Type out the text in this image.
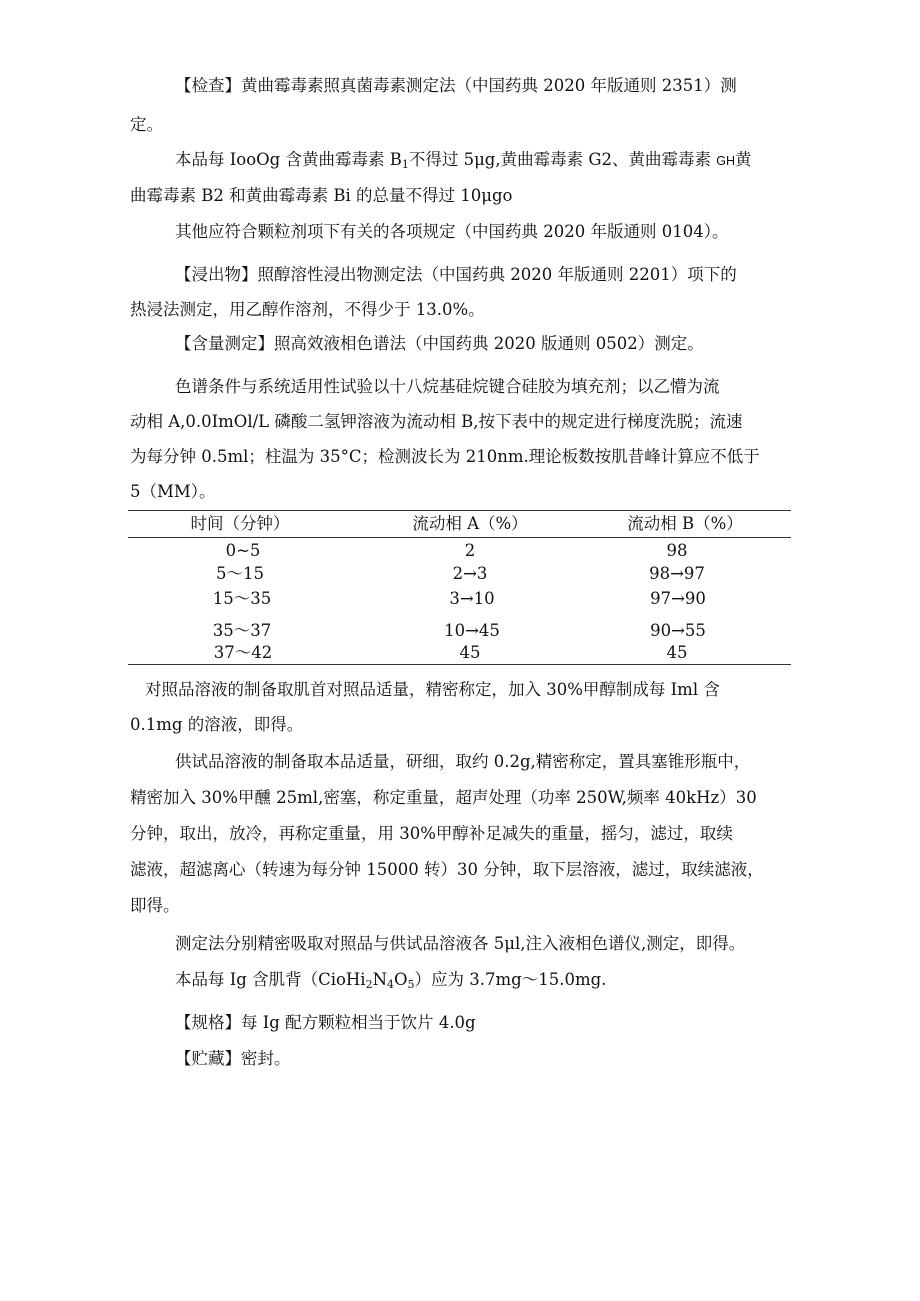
【检查】黄曲霉毒素照真菌毒素测定法（中国药典 2020 年版通则 2351）测
定。
本品每 IooOg 含黄曲霉毒素 $B_1$不得过 5μg,黄曲霉毒素 G2、黄曲霉毒素 GH黄
曲霉毒素 B2 和黄曲霉毒素 Bi 的总量不得过 10μgo
其他应符合颗粒剂项下有关的各项规定（中国药典 2020 年版通则 0104）。
【浸出物】照醇溶性浸出物测定法（中国药典 2020 年版通则 2201）项下的
热浸法测定，用乙醇作溶剂，不得少于 13.0%。
【含量测定】照高效液相色谱法（中国药典 2020 版通则 0502）测定。
色谱条件与系统适用性试验以十八烷基硅烷键合硅胶为填充剂；以乙懵为流
动相 A,0.0ImOl/L 磷酸二氢钾溶液为流动相 B,按下表中的规定进行梯度洗脱；流速
为每分钟 0.5ml；柱温为 35°C；检测波长为 210nm.理论板数按肌昔峰计算应不低于
5（MM）。
时间（分钟）	流动相 A（%）	流动相 B（%）
0~5	2	98
5～15	2→3	98→97
15～35	3→10	97→90
35～37	10→45	90→55
37～42	45	45
对照品溶液的制备取肌首对照品适量，精密称定，加入 30%甲醇制成每 Iml 含
0.1mg 的溶液，即得。
供试品溶液的制备取本品适量，研细，取约 0.2g,精密称定，置具塞锥形瓶中，
精密加入 30%甲醺 25ml,密塞，称定重量，超声处理（功率 250W,频率 40kHz）30
分钟，取出，放冷，再称定重量，用 30%甲醇补足减失的重量，摇匀，滤过，取续
滤液，超滤离心（转速为每分钟 15000 转）30 分钟，取下层溶液，滤过，取续滤液，
即得。
测定法分别精密吸取对照品与供试品溶液各 5μl,注入液相色谱仪,测定，即得。
本品每 Ig 含肌背$(CioHi_2N_4O_5)$应为 3.7mg～15.0mg.
【规格】每 Ig 配方颗粒相当于饮片 4.0g
【贮藏】密封。
